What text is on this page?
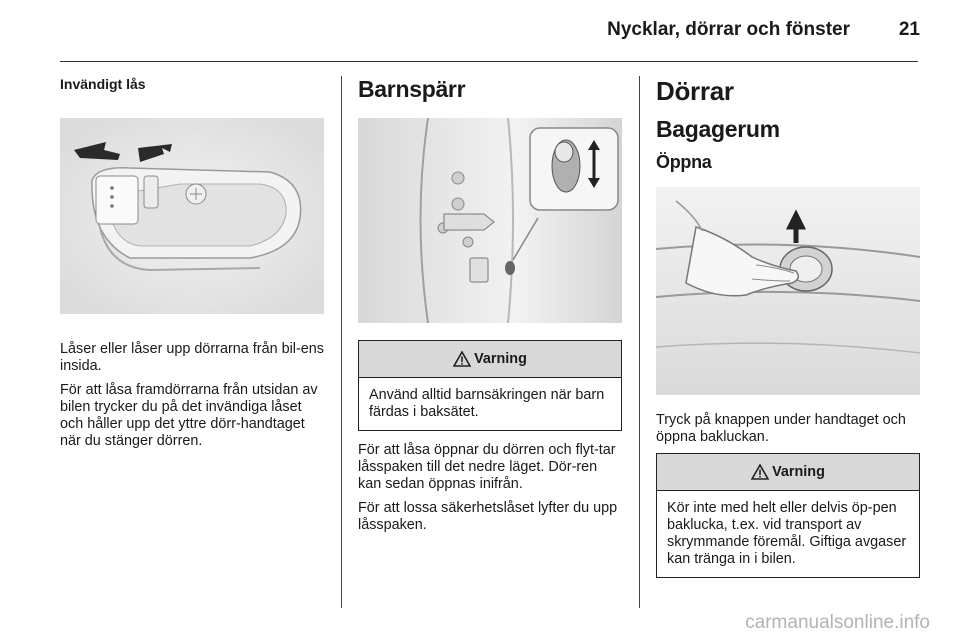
Nycklar, dörrar och fönster	21
Invändigt lås

Låser eller låser upp dörrarna från bil-ens insida.

För att låsa framdörrarna från utsidan av bilen trycker du på det invändiga låset och håller upp det yttre dörr-handtaget när du stänger dörren.

Barnspärr
Varning
Använd alltid barnsäkringen när barn färdas i baksätet.

För att låsa öppnar du dörren och flyt-tar låsspaken till det nedre läget. Dör-ren kan sedan öppnas inifrån.

För att lossa säkerhetslåset lyfter du upp låsspaken.

Dörrar
Bagagerum
Öppna

Tryck på knappen under handtaget och öppna bakluckan.

Varning
Kör inte med helt eller delvis öp-pen baklucka, t.ex. vid transport av skrymmande föremål. Giftiga avgaser kan tränga in i bilen.
carmanualsonline.info
